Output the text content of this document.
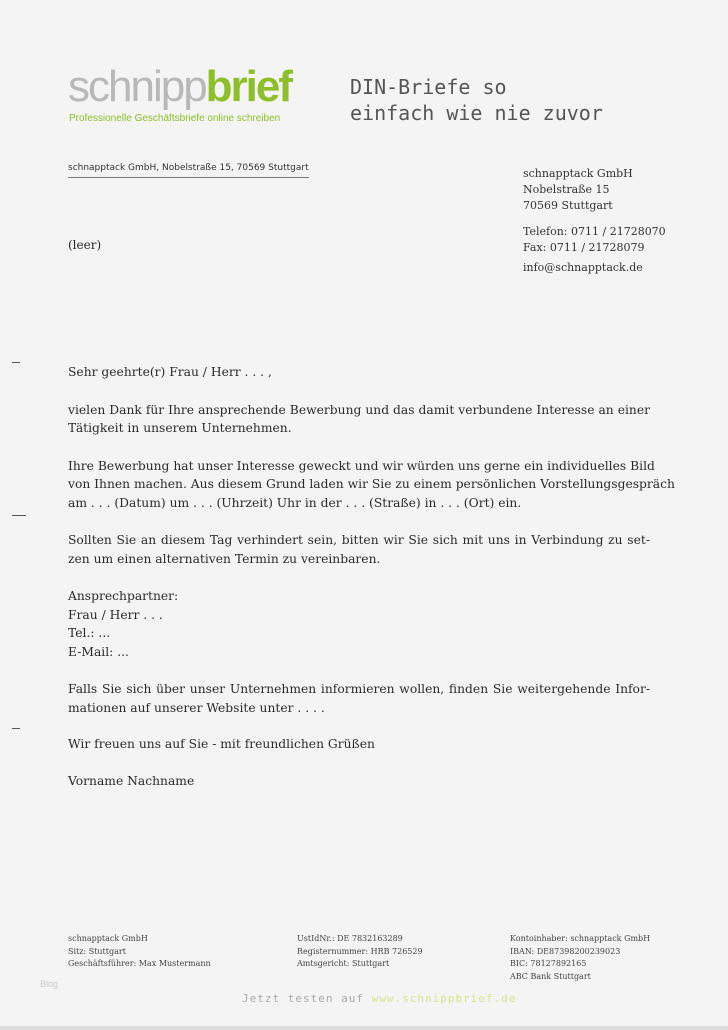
schnippbrief
Professionelle Geschäftsbriefe online schreiben
DIN-Briefe so
einfach wie nie zuvor
schnapptack GmbH, Nobelstraße 15, 70569 Stuttgart
(leer)
schnapptack GmbH
Nobelstraße 15
70569 Stuttgart
Telefon: 0711 / 21728070
Fax: 0711 / 21728079
info@schnapptack.de
Sehr geehrte(r) Frau / Herr . . . ,
vielen Dank für Ihre ansprechende Bewerbung und das damit verbundene Interesse an einer
Tätigkeit in unserem Unternehmen.
Ihre Bewerbung hat unser Interesse geweckt und wir würden uns gerne ein individuelles Bild
von Ihnen machen. Aus diesem Grund laden wir Sie zu einem persönlichen Vorstellungsgespräch
am . . . (Datum) um . . . (Uhrzeit) Uhr in der . . . (Straße) in . . . (Ort) ein.
Sollten Sie an diesem Tag verhindert sein, bitten wir Sie sich mit uns in Verbindung zu set-
zen um einen alternativen Termin zu vereinbaren.
Ansprechpartner:
Frau / Herr . . .
Tel.: ...
E-Mail: ...
Falls Sie sich über unser Unternehmen informieren wollen, finden Sie weitergehende Infor-
mationen auf unserer Website unter . . . .
Wir freuen uns auf Sie - mit freundlichen Grüßen
Vorname Nachname
schnapptack GmbH
Sitz: Stuttgart
Geschäftsführer: Max Mustermann
UstIdNr.: DE 7832163289
Registernummer: HRB 726529
Amtsgericht: Stuttgart
Kontoinhaber: schnapptack GmbH
IBAN: DE87398200239023
BIC: 78127892165
ABC Bank Stuttgart
Blog
Jetzt testen auf www.schnippbrief.de
